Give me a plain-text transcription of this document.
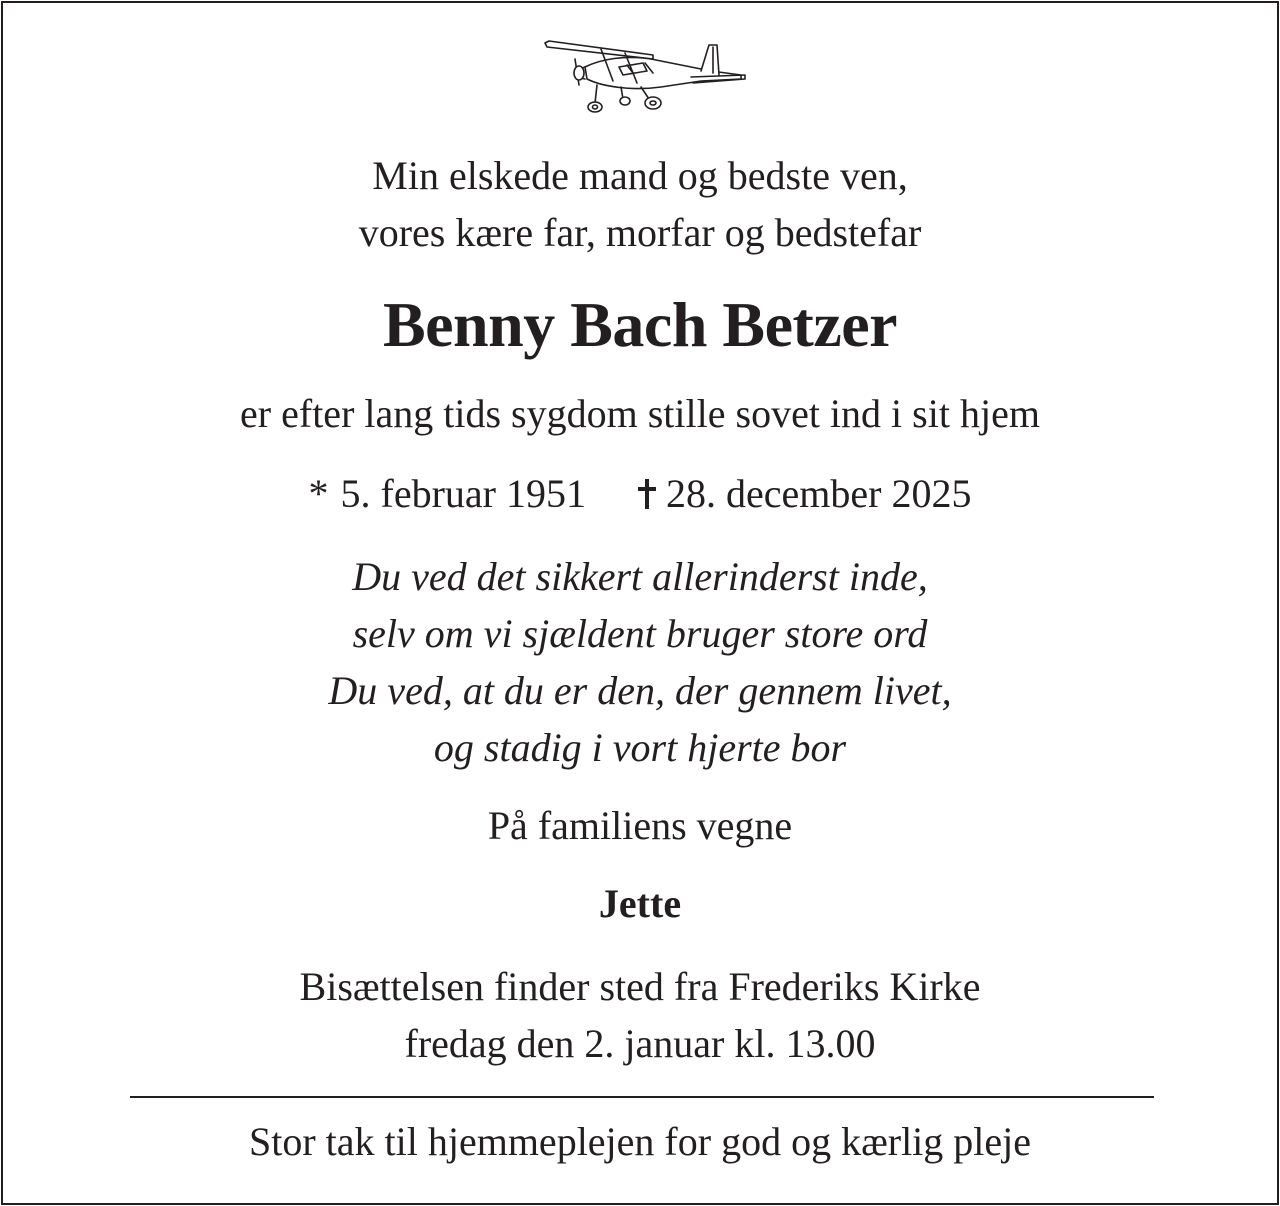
Min elskede mand og bedste ven,
vores kære far, morfar og bedstefar
Benny Bach Betzer
er efter lang tids sygdom stille sovet ind i sit hjem
* 5. februar 1951 28. december 2025
Du ved det sikkert allerinderst inde,
selv om vi sjældent bruger store ord
Du ved, at du er den, der gennem livet,
og stadig i vort hjerte bor
På familiens vegne
Jette
Bisættelsen finder sted fra Frederiks Kirke
fredag den 2. januar kl. 13.00
Stor tak til hjemmeplejen for god og kærlig pleje
